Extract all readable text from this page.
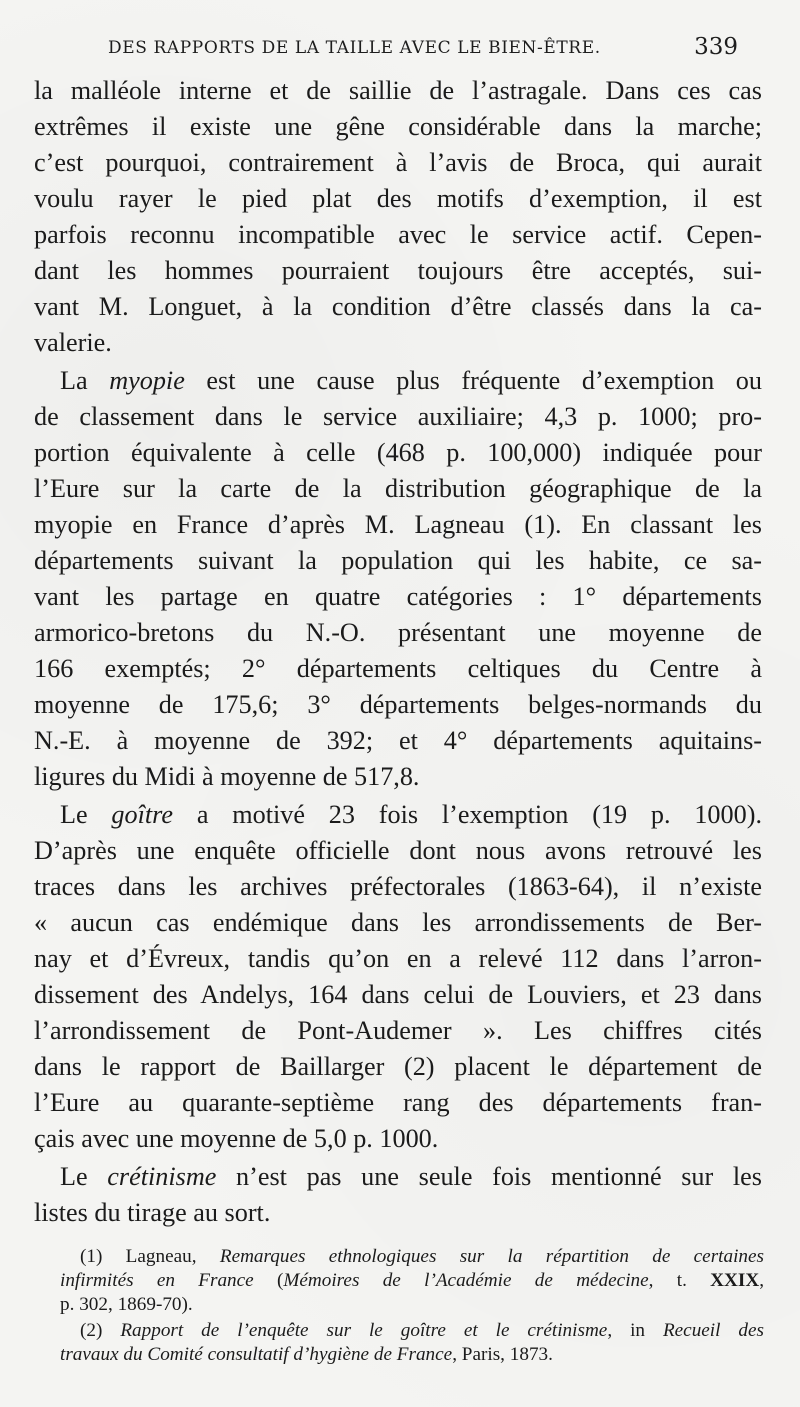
DES RAPPORTS DE LA TAILLE AVEC LE BIEN-ÊTRE.	339
la malléole interne et de saillie de l’astragale. Dans ces cas
extrêmes il existe une gêne considérable dans la marche;
c’est pourquoi, contrairement à l’avis de Broca, qui aurait
voulu rayer le pied plat des motifs d’exemption, il est
parfois reconnu incompatible avec le service actif. Cepen-
dant les hommes pourraient toujours être acceptés, sui-
vant M. Longuet, à la condition d’être classés dans la ca-
valerie.
La myopie est une cause plus fréquente d’exemption ou
de classement dans le service auxiliaire; 4,3 p. 1000; pro-
portion équivalente à celle (468 p. 100,000) indiquée pour
l’Eure sur la carte de la distribution géographique de la
myopie en France d’après M. Lagneau (1). En classant les
départements suivant la population qui les habite, ce sa-
vant les partage en quatre catégories : 1° départements
armorico-bretons du N.-O. présentant une moyenne de
166 exemptés; 2° départements celtiques du Centre à
moyenne de 175,6; 3° départements belges-normands du
N.-E. à moyenne de 392; et 4° départements aquitains-
ligures du Midi à moyenne de 517,8.
Le goître a motivé 23 fois l’exemption (19 p. 1000).
D’après une enquête officielle dont nous avons retrouvé les
traces dans les archives préfectorales (1863-64), il n’existe
« aucun cas endémique dans les arrondissements de Ber-
nay et d’Évreux, tandis qu’on en a relevé 112 dans l’arron-
dissement des Andelys, 164 dans celui de Louviers, et 23 dans
l’arrondissement de Pont-Audemer ». Les chiffres cités
dans le rapport de Baillarger (2) placent le département de
l’Eure au quarante-septième rang des départements fran-
çais avec une moyenne de 5,0 p. 1000.
Le crétinisme n’est pas une seule fois mentionné sur les
listes du tirage au sort.
(1) Lagneau, Remarques ethnologiques sur la répartition de certaines
infirmités en France (Mémoires de l’Académie de médecine, t. XXIX,
p. 302, 1869-70).
(2) Rapport de l’enquête sur le goître et le crétinisme, in Recueil des
travaux du Comité consultatif d’hygiène de France, Paris, 1873.
